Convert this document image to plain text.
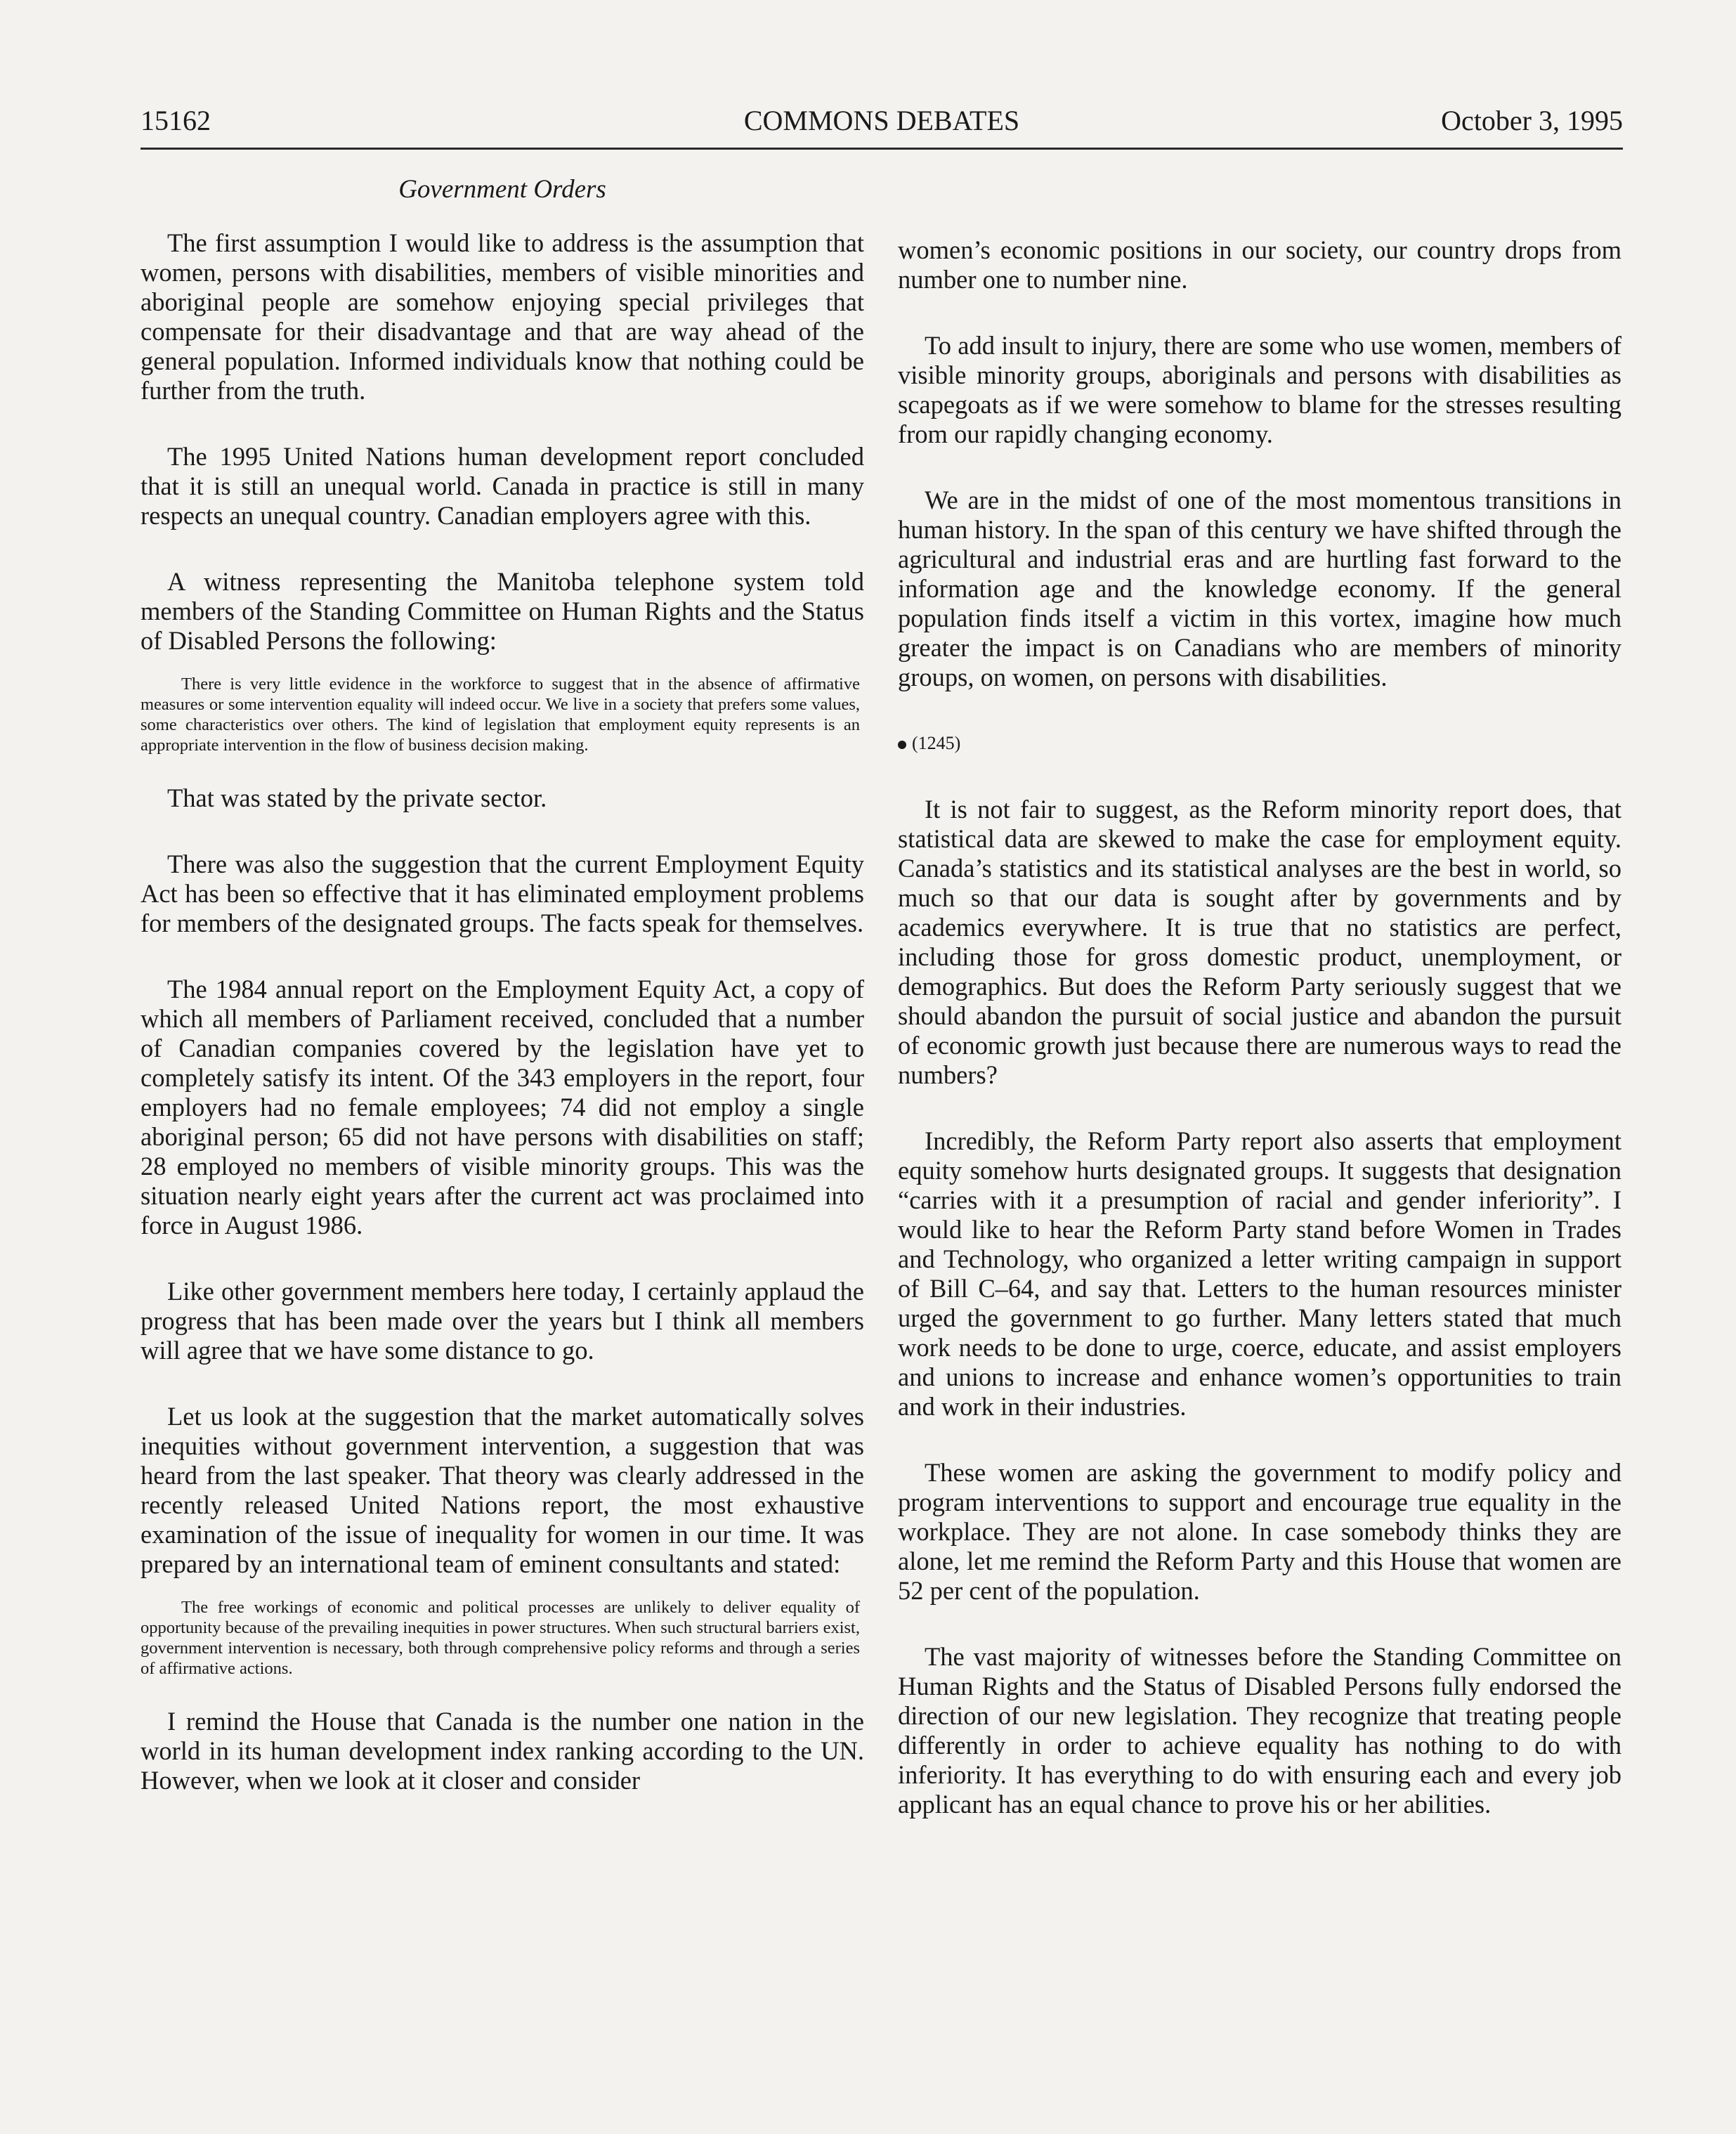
15162	COMMONS DEBATES	October 3, 1995
Government Orders

The first assumption I would like to address is the assumption that women, persons with disabilities, members of visible minorities and aboriginal people are somehow enjoying special privileges that compensate for their disadvantage and that are way ahead of the general population. Informed individuals know that nothing could be further from the truth.

The 1995 United Nations human development report concluded that it is still an unequal world. Canada in practice is still in many respects an unequal country. Canadian employers agree with this.

A witness representing the Manitoba telephone system told members of the Standing Committee on Human Rights and the Status of Disabled Persons the following:

There is very little evidence in the workforce to suggest that in the absence of affirmative measures or some intervention equality will indeed occur. We live in a society that prefers some values, some characteristics over others. The kind of legislation that employment equity represents is an appropriate intervention in the flow of business decision making.

That was stated by the private sector.

There was also the suggestion that the current Employment Equity Act has been so effective that it has eliminated employment problems for members of the designated groups. The facts speak for themselves.

The 1984 annual report on the Employment Equity Act, a copy of which all members of Parliament received, concluded that a number of Canadian companies covered by the legislation have yet to completely satisfy its intent. Of the 343 employers in the report, four employers had no female employees; 74 did not employ a single aboriginal person; 65 did not have persons with disabilities on staff; 28 employed no members of visible minority groups. This was the situation nearly eight years after the current act was proclaimed into force in August 1986.

Like other government members here today, I certainly applaud the progress that has been made over the years but I think all members will agree that we have some distance to go.

Let us look at the suggestion that the market automatically solves inequities without government intervention, a suggestion that was heard from the last speaker. That theory was clearly addressed in the recently released United Nations report, the most exhaustive examination of the issue of inequality for women in our time. It was prepared by an international team of eminent consultants and stated:

The free workings of economic and political processes are unlikely to deliver equality of opportunity because of the prevailing inequities in power structures. When such structural barriers exist, government intervention is necessary, both through comprehensive policy reforms and through a series of affirmative actions.

I remind the House that Canada is the number one nation in the world in its human development index ranking according to the UN. However, when we look at it closer and consider

women’s economic positions in our society, our country drops from number one to number nine.

To add insult to injury, there are some who use women, members of visible minority groups, aboriginals and persons with disabilities as scapegoats as if we were somehow to blame for the stresses resulting from our rapidly changing economy.

We are in the midst of one of the most momentous transitions in human history. In the span of this century we have shifted through the agricultural and industrial eras and are hurtling fast forward to the information age and the knowledge economy. If the general population finds itself a victim in this vortex, imagine how much greater the impact is on Canadians who are members of minority groups, on women, on persons with disabilities.

(1245)

It is not fair to suggest, as the Reform minority report does, that statistical data are skewed to make the case for employment equity. Canada’s statistics and its statistical analyses are the best in world, so much so that our data is sought after by governments and by academics everywhere. It is true that no statistics are perfect, including those for gross domestic product, unemployment, or demographics. But does the Reform Party seriously suggest that we should abandon the pursuit of social justice and abandon the pursuit of economic growth just because there are numerous ways to read the numbers?

Incredibly, the Reform Party report also asserts that employment equity somehow hurts designated groups. It suggests that designation “carries with it a presumption of racial and gender inferiority”. I would like to hear the Reform Party stand before Women in Trades and Technology, who organized a letter writing campaign in support of Bill C–64, and say that. Letters to the human resources minister urged the government to go further. Many letters stated that much work needs to be done to urge, coerce, educate, and assist employers and unions to increase and enhance women’s opportunities to train and work in their industries.

These women are asking the government to modify policy and program interventions to support and encourage true equality in the workplace. They are not alone. In case somebody thinks they are alone, let me remind the Reform Party and this House that women are 52 per cent of the population.

The vast majority of witnesses before the Standing Committee on Human Rights and the Status of Disabled Persons fully endorsed the direction of our new legislation. They recognize that treating people differently in order to achieve equality has nothing to do with inferiority. It has everything to do with ensuring each and every job applicant has an equal chance to prove his or her abilities.
